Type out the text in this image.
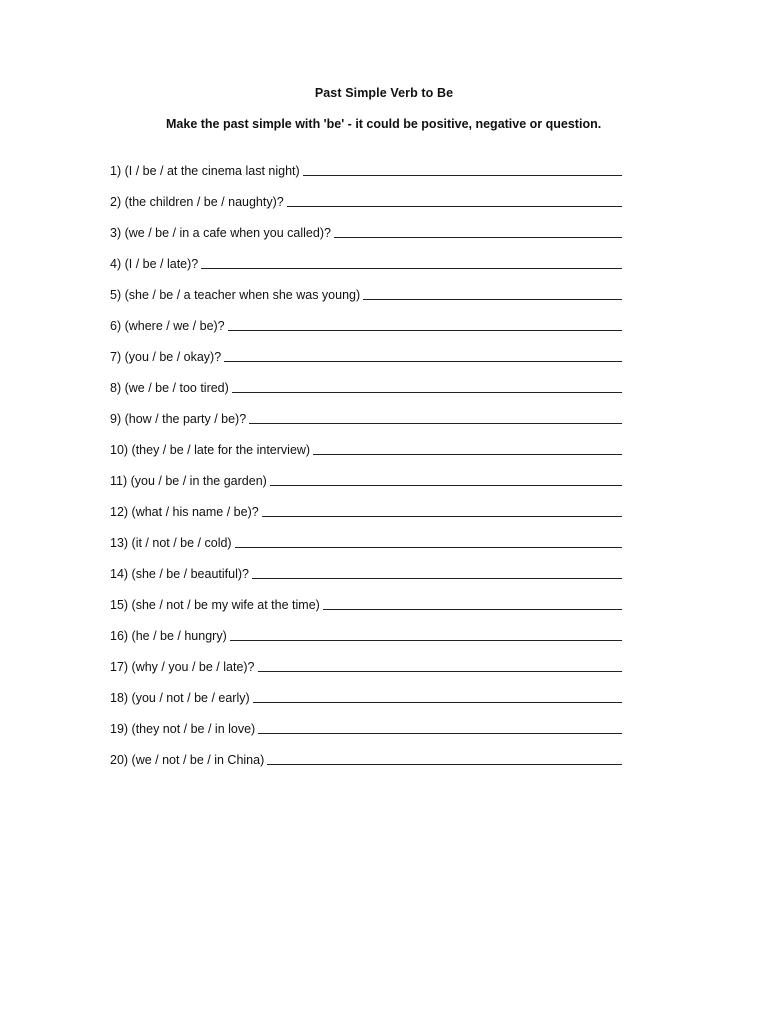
Past Simple Verb to Be
Make the past simple with 'be' - it could be positive, negative or question.
1) (I / be / at the cinema last night)
2) (the children / be / naughty)?
3) (we / be / in a cafe when you called)?
4) (I / be / late)?
5) (she / be / a teacher when she was young)
6) (where / we / be)?
7) (you / be / okay)?
8) (we / be / too tired)
9) (how / the party / be)?
10) (they / be / late for the interview)
11) (you / be / in the garden)
12) (what / his name / be)?
13) (it / not / be / cold)
14) (she / be / beautiful)?
15) (she / not / be my wife at the time)
16) (he / be / hungry)
17) (why / you / be / late)?
18) (you / not / be / early)
19) (they not / be / in love)
20) (we / not / be / in China)
